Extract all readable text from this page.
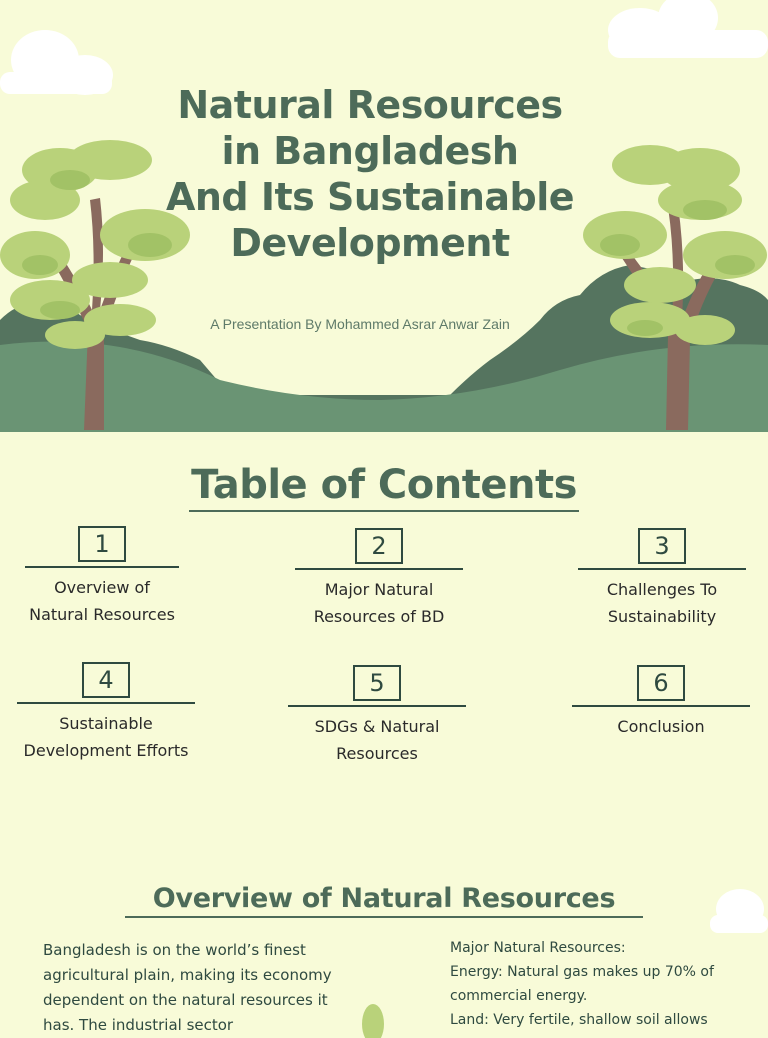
Natural Resources
in Bangladesh
And Its Sustainable
Development
A Presentation By Mohammed Asrar Anwar Zain
Table of Contents
1
Overview of
Natural Resources
2
Major Natural
Resources of BD
3
Challenges To
Sustainability
4
Sustainable
Development Efforts
5
SDGs & Natural
Resources
6
Conclusion
Overview of Natural Resources
Bangladesh is on the world’s finest agricultural plain, making its economy dependent on the natural resources it has. The industrial sector

Major Natural Resources:

Energy: Natural gas makes up 70% of commercial energy.

Land: Very fertile, shallow soil allows
